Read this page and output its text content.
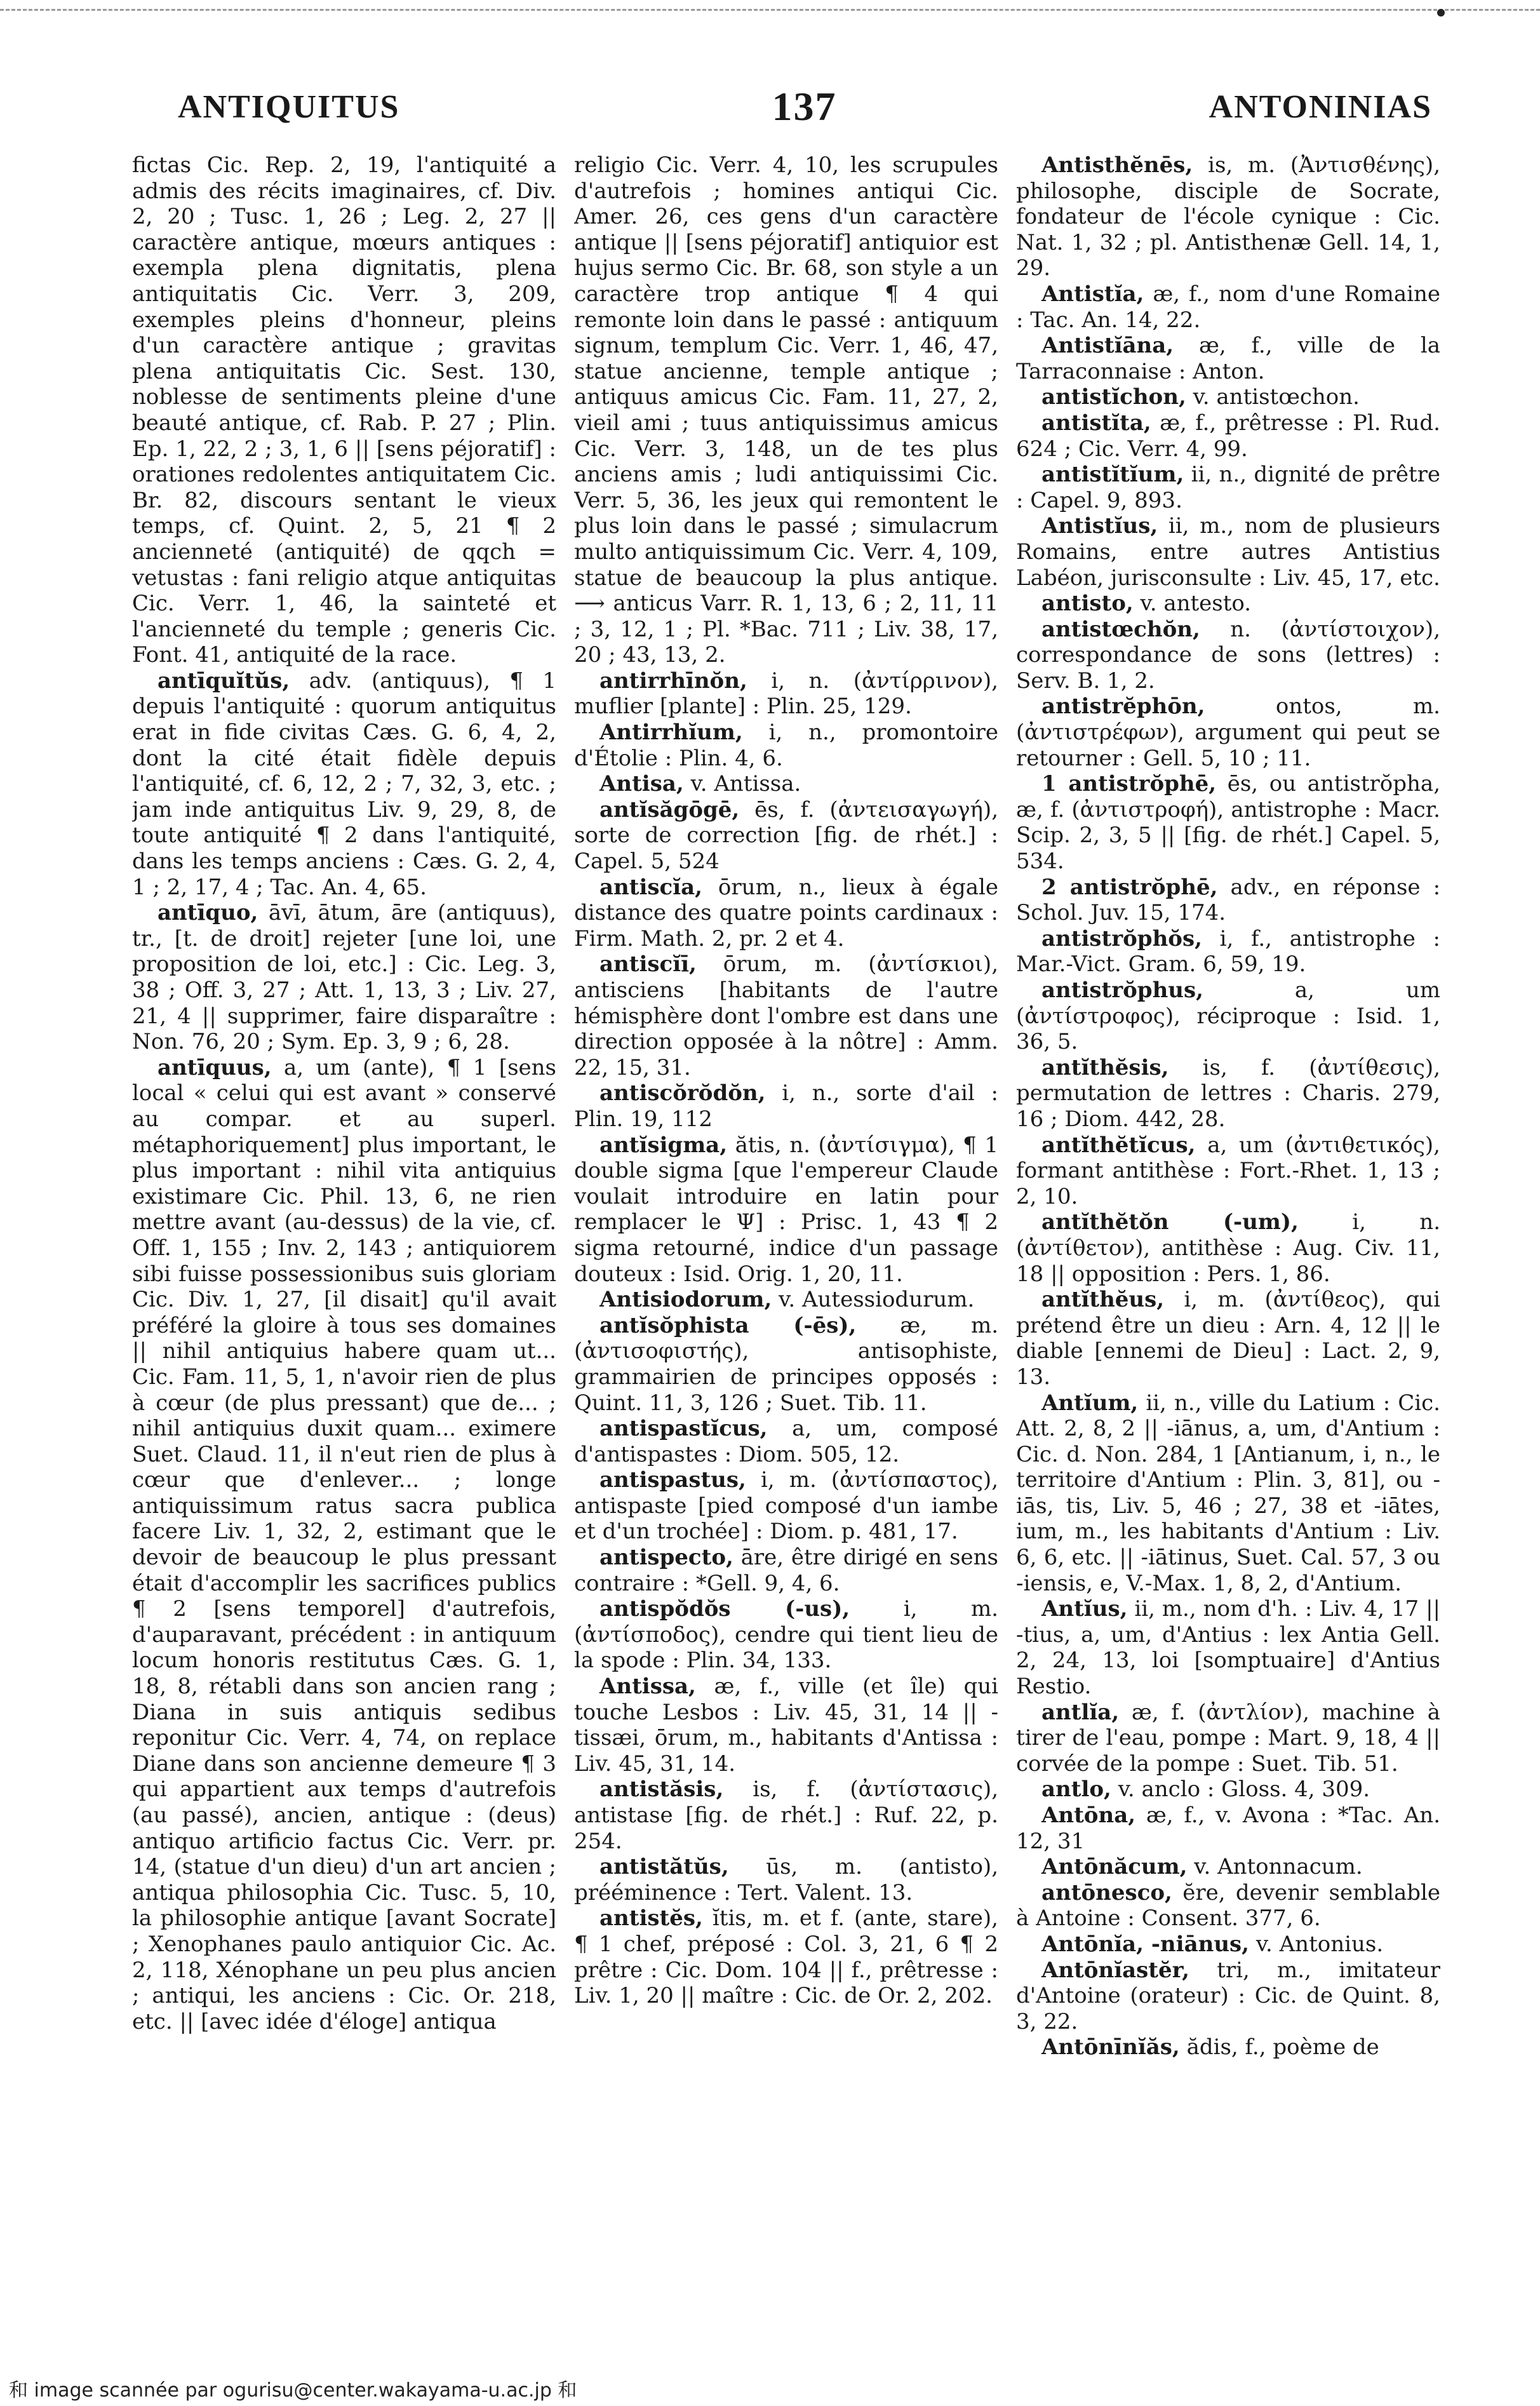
ANTIQUITUS	137	ANTONINIAS

fictas Cic. Rep. 2, 19, l'antiquité a admis des récits imaginaires, cf. Div. 2, 20 ; Tusc. 1, 26 ; Leg. 2, 27 || caractère antique, mœurs antiques : exempla plena dignitatis, plena antiquitatis Cic. Verr. 3, 209, exemples pleins d'honneur, pleins d'un caractère antique ; gravitas plena antiquitatis Cic. Sest. 130, noblesse de sentiments pleine d'une beauté antique, cf. Rab. P. 27 ; Plin. Ep. 1, 22, 2 ; 3, 1, 6 || [sens péjoratif] : orationes redolentes antiquitatem Cic. Br. 82, discours sentant le vieux temps, cf. Quint. 2, 5, 21 ¶ 2 ancienneté (antiquité) de qqch = vetustas : fani religio atque antiquitas Cic. Verr. 1, 46, la sainteté et l'ancienneté du temple ; generis Cic. Font. 41, antiquité de la race.

antīquĭtŭs, adv. (antiquus), ¶ 1 depuis l'antiquité : quorum antiquitus erat in fide civitas Cæs. G. 6, 4, 2, dont la cité était fidèle depuis l'antiquité, cf. 6, 12, 2 ; 7, 32, 3, etc. ; jam inde antiquitus Liv. 9, 29, 8, de toute antiquité ¶ 2 dans l'antiquité, dans les temps anciens : Cæs. G. 2, 4, 1 ; 2, 17, 4 ; Tac. An. 4, 65.

antīquo, āvī, ātum, āre (antiquus), tr., [t. de droit] rejeter [une loi, une proposition de loi, etc.] : Cic. Leg. 3, 38 ; Off. 3, 27 ; Att. 1, 13, 3 ; Liv. 27, 21, 4 || supprimer, faire disparaître : Non. 76, 20 ; Sym. Ep. 3, 9 ; 6, 28.

antīquus, a, um (ante), ¶ 1 [sens local « celui qui est avant » conservé au compar. et au superl. métaphoriquement] plus important, le plus important : nihil vita antiquius existimare Cic. Phil. 13, 6, ne rien mettre avant (au-dessus) de la vie, cf. Off. 1, 155 ; Inv. 2, 143 ; antiquiorem sibi fuisse possessionibus suis gloriam Cic. Div. 1, 27, [il disait] qu'il avait préféré la gloire à tous ses domaines || nihil antiquius habere quam ut... Cic. Fam. 11, 5, 1, n'avoir rien de plus à cœur (de plus pressant) que de... ; nihil antiquius duxit quam... eximere Suet. Claud. 11, il n'eut rien de plus à cœur que d'enlever... ; longe antiquissimum ratus sacra publica facere Liv. 1, 32, 2, estimant que le devoir de beaucoup le plus pressant était d'accomplir les sacrifices publics ¶ 2 [sens temporel] d'autrefois, d'auparavant, précédent : in antiquum locum honoris restitutus Cæs. G. 1, 18, 8, rétabli dans son ancien rang ; Diana in suis antiquis sedibus reponitur Cic. Verr. 4, 74, on replace Diane dans son ancienne demeure ¶ 3 qui appartient aux temps d'autrefois (au passé), ancien, antique : (deus) antiquo artificio factus Cic. Verr. pr. 14, (statue d'un dieu) d'un art ancien ; antiqua philosophia Cic. Tusc. 5, 10, la philosophie antique [avant Socrate] ; Xenophanes paulo antiquior Cic. Ac. 2, 118, Xénophane un peu plus ancien ; antiqui, les anciens : Cic. Or. 218, etc. || [avec idée d'éloge] antiqua

religio Cic. Verr. 4, 10, les scrupules d'autrefois ; homines antiqui Cic. Amer. 26, ces gens d'un caractère antique || [sens péjoratif] antiquior est hujus sermo Cic. Br. 68, son style a un caractère trop antique ¶ 4 qui remonte loin dans le passé : antiquum signum, templum Cic. Verr. 1, 46, 47, statue ancienne, temple antique ; antiquus amicus Cic. Fam. 11, 27, 2, vieil ami ; tuus antiquissimus amicus Cic. Verr. 3, 148, un de tes plus anciens amis ; ludi antiquissimi Cic. Verr. 5, 36, les jeux qui remontent le plus loin dans le passé ; simulacrum multo antiquissimum Cic. Verr. 4, 109, statue de beaucoup la plus antique. ⟶ anticus Varr. R. 1, 13, 6 ; 2, 11, 11 ; 3, 12, 1 ; Pl. *Bac. 711 ; Liv. 38, 17, 20 ; 43, 13, 2.

antirrhīnŏn, i, n. (ἀντίρρινον), muflier [plante] : Plin. 25, 129.

Antirrhĭum, i, n., promontoire d'Étolie : Plin. 4, 6.

Antisa, v. Antissa.

antĭsăgōgē, ēs, f. (ἀντεισαγωγή), sorte de correction [fig. de rhét.] : Capel. 5, 524

antiscĭa, ōrum, n., lieux à égale distance des quatre points cardinaux : Firm. Math. 2, pr. 2 et 4.

antiscĭī, ōrum, m. (ἀντίσκιοι), antisciens [habitants de l'autre hémisphère dont l'ombre est dans une direction opposée à la nôtre] : Amm. 22, 15, 31.

antiscŏrŏdŏn, i, n., sorte d'ail : Plin. 19, 112

antĭsigma, ătis, n. (ἀντίσιγμα), ¶ 1 double sigma [que l'empereur Claude voulait introduire en latin pour remplacer le Ψ] : Prisc. 1, 43 ¶ 2 sigma retourné, indice d'un passage douteux : Isid. Orig. 1, 20, 11.

Antisiodorum, v. Autessiodurum.

antĭsŏphista (-ēs), æ, m. (ἀντισοφιστής), antisophiste, grammairien de principes opposés : Quint. 11, 3, 126 ; Suet. Tib. 11.

antispastĭcus, a, um, composé d'antispastes : Diom. 505, 12.

antispastus, i, m. (ἀντίσπαστος), antispaste [pied composé d'un iambe et d'un trochée] : Diom. p. 481, 17.

antispecto, āre, être dirigé en sens contraire : *Gell. 9, 4, 6.

antispŏdŏs (-us), i, m. (ἀντίσποδος), cendre qui tient lieu de la spode : Plin. 34, 133.

Antissa, æ, f., ville (et île) qui touche Lesbos : Liv. 45, 31, 14 || -tissæi, ōrum, m., habitants d'Antissa : Liv. 45, 31, 14.

antistăsis, is, f. (ἀντίστασις), antistase [fig. de rhét.] : Ruf. 22, p. 254.

antistătŭs, ūs, m. (antisto), prééminence : Tert. Valent. 13.

antistĕs, ĭtis, m. et f. (ante, stare), ¶ 1 chef, préposé : Col. 3, 21, 6 ¶ 2 prêtre : Cic. Dom. 104 || f., prêtresse : Liv. 1, 20 || maître : Cic. de Or. 2, 202.

Antisthĕnēs, is, m. (Ἀντισθένης), philosophe, disciple de Socrate, fondateur de l'école cynique : Cic. Nat. 1, 32 ; pl. Antisthenæ Gell. 14, 1, 29.

Antistĭa, æ, f., nom d'une Romaine : Tac. An. 14, 22.

Antistĭāna, æ, f., ville de la Tarraconnaise : Anton.

antistĭchon, v. antistœchon.

antistĭta, æ, f., prêtresse : Pl. Rud. 624 ; Cic. Verr. 4, 99.

antistĭtĭum, ii, n., dignité de prêtre : Capel. 9, 893.

Antistĭus, ii, m., nom de plusieurs Romains, entre autres Antistius Labéon, jurisconsulte : Liv. 45, 17, etc.

antisto, v. antesto.

antistœchŏn, n. (ἀντίστοιχον), correspondance de sons (lettres) : Serv. B. 1, 2.

antistrĕphōn,	ontos, m. (ἀντιστρέφων), argument qui peut se retourner : Gell. 5, 10 ; 11.

1 antistrŏphē, ēs, ou antistrŏpha, æ, f. (ἀντιστροφή), antistrophe : Macr. Scip. 2, 3, 5 || [fig. de rhét.] Capel. 5, 534.

2 antistrŏphē, adv., en réponse : Schol. Juv. 15, 174.

antistrŏphŏs, i, f., antistrophe : Mar.-Vict. Gram. 6, 59, 19.

antistrŏphus,	a, um (ἀντίστροφος), réciproque : Isid. 1, 36, 5.

antĭthĕsis, is, f. (ἀντίθεσις), permutation de lettres : Charis. 279, 16 ; Diom. 442, 28.

antĭthĕtĭcus, a, um (ἀντιθετικός), formant antithèse : Fort.-Rhet. 1, 13 ; 2, 10.

antĭthĕtŏn (-um), i, n. (ἀντίθετον), antithèse : Aug. Civ. 11, 18 || opposition : Pers. 1, 86.

antĭthĕus, i, m. (ἀντίθεος), qui prétend être un dieu : Arn. 4, 12 || le diable [ennemi de Dieu] : Lact. 2, 9, 13.

Antĭum, ii, n., ville du Latium : Cic. Att. 2, 8, 2 || -iānus, a, um, d'Antium : Cic. d. Non. 284, 1 [Antianum, i, n., le territoire d'Antium : Plin. 3, 81], ou -iās, tis, Liv. 5, 46 ; 27, 38 et -iātes, ium, m., les habitants d'Antium : Liv. 6, 6, etc. || -iātinus, Suet. Cal. 57, 3 ou -iensis, e, V.-Max. 1, 8, 2, d'Antium.

Antĭus, ii, m., nom d'h. : Liv. 4, 17 || -tius, a, um, d'Antius : lex Antia Gell. 2, 24, 13, loi [somptuaire] d'Antius Restio.

antlĭa, æ, f. (ἀντλίον), machine à tirer de l'eau, pompe : Mart. 9, 18, 4 || corvée de la pompe : Suet. Tib. 51.

antlo, v. anclo : Gloss. 4, 309.

Antōna, æ, f., v. Avona : *Tac. An. 12, 31

Antōnăcum, v. Antonnacum.

antōnesco, ĕre, devenir semblable à Antoine : Consent. 377, 6.

Antōnĭa, -niānus, v. Antonius.

Antōnĭastĕr, tri, m., imitateur d'Antoine (orateur) : Cic. de Quint. 8, 3, 22.

Antōnīnĭăs, ădis, f., poème de

和 image scannée par ogurisu@center.wakayama-u.ac.jp 和
